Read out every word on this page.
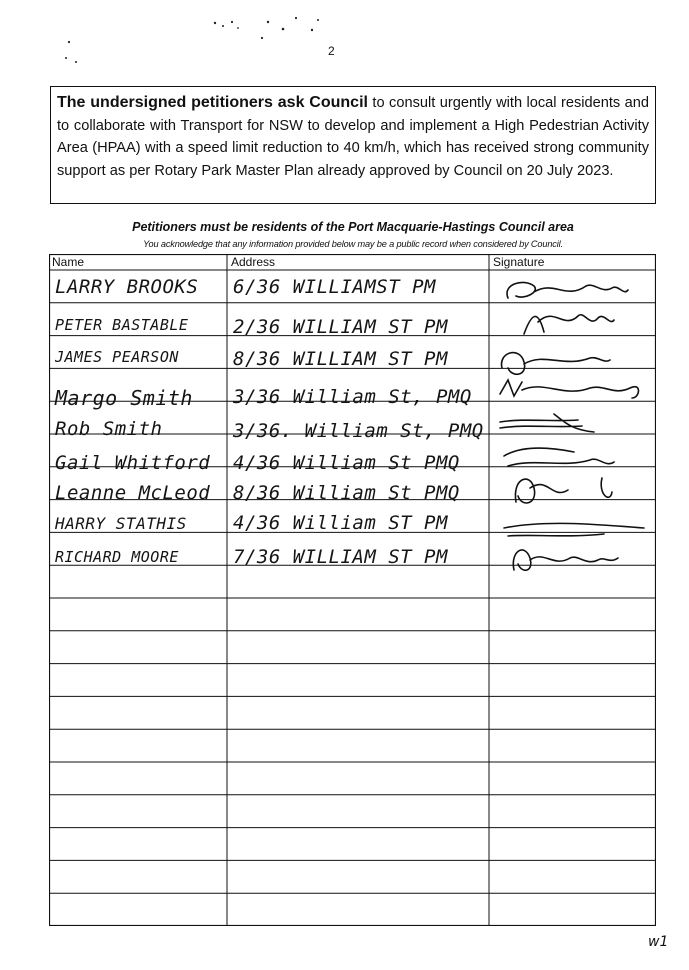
2
The undersigned petitioners ask Council to consult urgently with local residents and to collaborate with Transport for NSW to develop and implement a High Pedestrian Activity Area (HPAA) with a speed limit reduction to 40 km/h, which has received strong community support as per Rotary Park Master Plan already approved by Council on 20 July 2023.
Petitioners must be residents of the Port Macquarie-Hastings Council area
You acknowledge that any information provided below may be a public record when considered by Council.
Name	Address	Signature
LARRY BROOKS 6/36 WILLIAMST PM
PETER BASTABLE 2/36 WILLIAM ST PM
JAMES PEARSON	8/36 WILLIAM ST PM
Margo Smith 3/36 William St, PMQ
Rob Smith	3/36. William St, PMQ
Gail Whitford 4/36 William St PMQ
Leanne McLeod 8/36 William St PMQ
HARRY STATHIS 4/36 William ST PM
RICHARD MOORE	7/36 WILLIAM ST PM
w1
